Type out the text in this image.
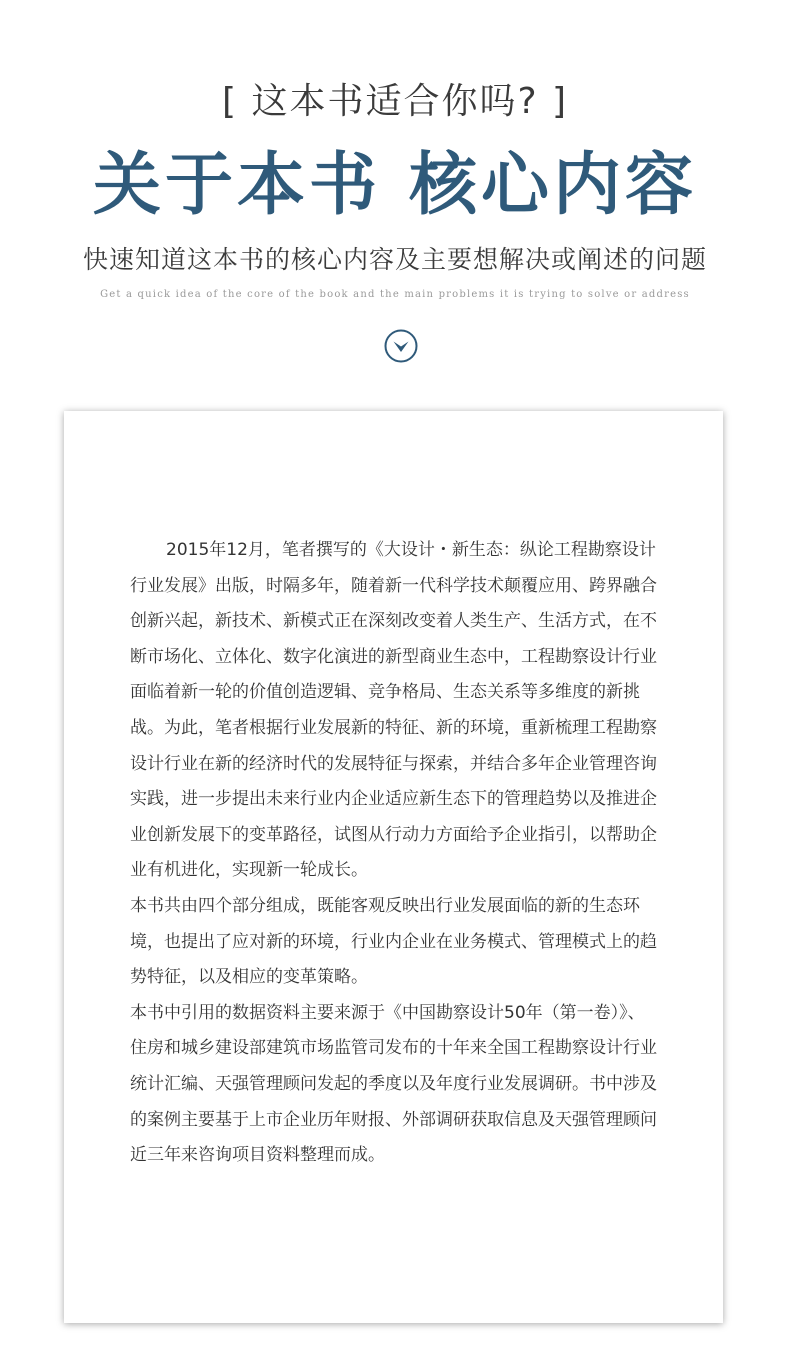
[ 这本书适合你吗? ]
关于本书 核心内容
快速知道这本书的核心内容及主要想解决或阐述的问题
Get a quick idea of the core of the book and the main problems it is trying to solve or address

2015年12月，笔者撰写的《大设计・新生态：纵论工程勘察设计行业发展》出版，时隔多年，随着新一代科学技术颠覆应用、跨界融合创新兴起，新技术、新模式正在深刻改变着人类生产、生活方式，在不断市场化、立体化、数字化演进的新型商业生态中，工程勘察设计行业面临着新一轮的价值创造逻辑、竞争格局、生态关系等多维度的新挑战。为此，笔者根据行业发展新的特征、新的环境，重新梳理工程勘察设计行业在新的经济时代的发展特征与探索，并结合多年企业管理咨询实践，进一步提出未来行业内企业适应新生态下的管理趋势以及推进企业创新发展下的变革路径，试图从行动力方面给予企业指引，以帮助企业有机进化，实现新一轮成长。

本书共由四个部分组成，既能客观反映出行业发展面临的新的生态环境，也提出了应对新的环境，行业内企业在业务模式、管理模式上的趋势特征，以及相应的变革策略。

本书中引用的数据资料主要来源于《中国勘察设计50年（第一卷）》、住房和城乡建设部建筑市场监管司发布的十年来全国工程勘察设计行业统计汇编、天强管理顾问发起的季度以及年度行业发展调研。书中涉及的案例主要基于上市企业历年财报、外部调研获取信息及天强管理顾问近三年来咨询项目资料整理而成。
